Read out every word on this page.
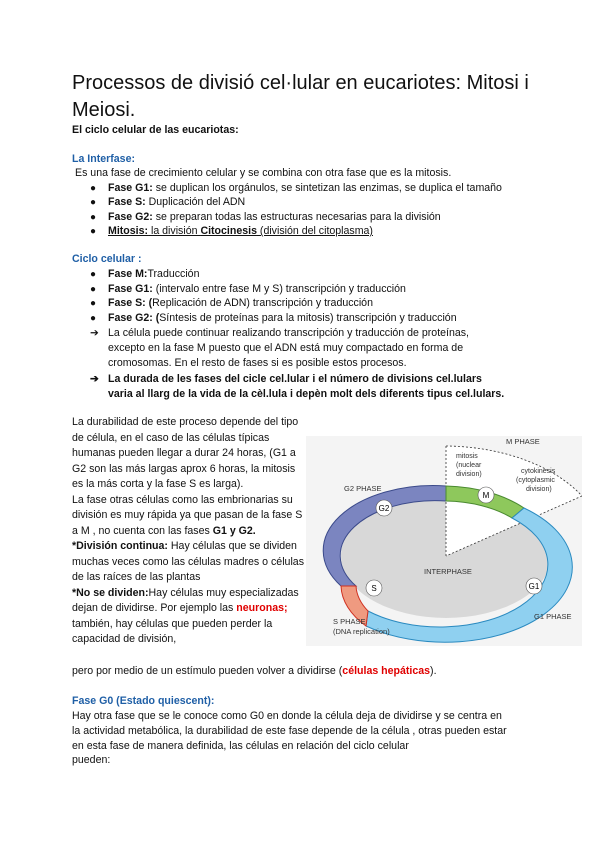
Processos de divisió cel·lular en eucariotes: Mitosi i Meiosi.
El ciclo celular de las eucariotas:
La Interfase:
Es una fase de crecimiento celular y se combina con otra fase que es la mitosis.
● Fase G1: se duplican los orgánulos, se sintetizan las enzimas, se duplica el tamaño
● Fase S: Duplicación del ADN
● Fase G2: se preparan todas las estructuras necesarias para la división
● Mitosis: la división Citocinesis (división del citoplasma)
Ciclo celular :
● Fase M:Traducción
● Fase G1: (intervalo entre fase M y S) transcripción y traducción
● Fase S: (Replicación de ADN) transcripción y traducción
● Fase G2: (Síntesis de proteínas para la mitosis) transcripción y traducción
➔ La célula puede continuar realizando transcripción y traducción de proteínas,
excepto en la fase M puesto que el ADN está muy compactado en forma de
cromosomas. En el resto de fases si es posible estos procesos.
➔ La durada de les fases del cicle cel.lular i el número de divisions cel.lulars
varia al llarg de la vida de la cèl.lula i depèn molt dels diferents tipus cel.lulars.

La durabilidad de este proceso depende del tipo de célula, en el caso de las células típicas humanas pueden llegar a durar 24 horas, (G1 a G2 son las más largas aprox 6 horas, la mitosis es la más corta y la fase S es larga).

La fase otras células como las embrionarias su división es muy rápida ya que pasan de la fase S a M , no cuenta con las fases G1 y G2.

*División continua: Hay células que se dividen muchas veces como las células madres o células de las raíces de las plantas

*No se dividen:Hay células muy especializadas dejan de dividirse. Por ejemplo las neuronas; también, hay células que pueden perder la capacidad de división,

pero por medio de un estímulo pueden volver a dividirse (células hepáticas).
G2
M
S	G1
M PHASE
mitosis
(nuclear
division)	cytokinesis
(cytoplasmic
division)
G2 PHASE
INTERPHASE
G1 PHASE
S PHASE
(DNA replication)
Fase G0 (Estado quiescent):
Hay otra fase que se le conoce como G0 en donde la célula deja de dividirse y se centra en
la actividad metabólica, la durabilidad de este fase depende de la célula , otras pueden estar
en esta fase de manera definida, las células en relación del ciclo celular
pueden:
